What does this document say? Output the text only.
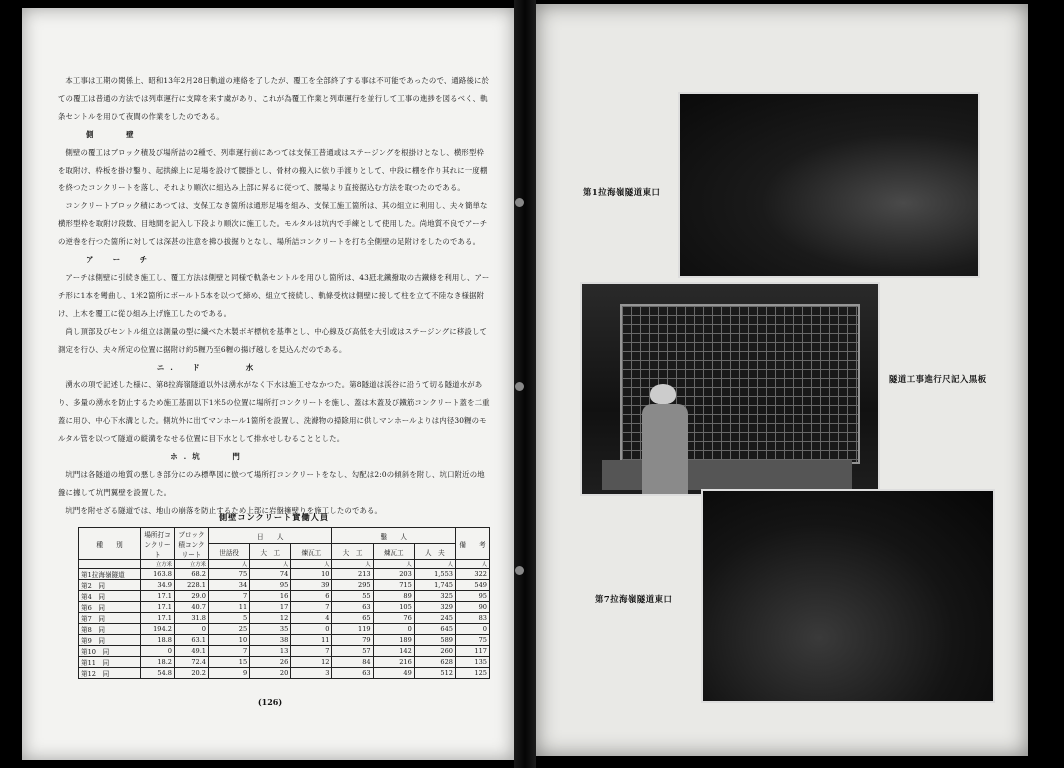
本工事は工期の関係上、昭和13年2月28日軌道の連絡を了したが、覆工を全部終了する事は不可能であったので、通路後に於ての覆工は普通の方法では列車運行に支障を来す虞があり、これが為覆工作業と列車運行を並行して工事の進捗を図るべく、軌条セントルを用ひて夜間の作業をしたのである。

側　　壁

側壁の覆工はブロック積及び場所詰の2種で、列車運行前にあつては支保工普通或はステージングを根掛けとなし、横形型枠を取附け、枠板を掛け鑿り、起拱線上に足場を設けて腰掛とし、骨材の搬入に依り手渡りとして、中段に棚を作り其れに一度棚を終つたコンクリートを落し、それより順次に組込み上部に昇るに従つて、腰場より直接据込む方法を取つたのである。

コンクリートブロック積にあつては、支保工なき箇所は通形足場を組み、支保工施工箇所は、其の組立に利用し、夫々簡単な横形型枠を取附け段数、目地間を記入し下段より順次に施工した。モルタルは坑内で手練として使用した。尚地質不良でアーチの逆巻を行つた箇所に対しては深甚の注意を拂ひ拔掘りとなし、場所詰コンクリートを打ち全側壁の足附けをしたのである。

ア　ー　チ

アーチは側壁に引続き施工し、覆工方法は側壁と同様で軌条セントルを用ひし箇所は、43瓩北鐵撥取の古鐵條を利用し、アーチ形に1本を彎曲し、1米2箇所にボールト5本を以つて締め、組立て接続し、軌條受枕は側壁に接して柱を立て不陸なき様据附け、上木を覆工に從ひ組み上げ施工したのである。

尚し頂部及びセントル組立は測量の型に繊べた木製ボギ標杭を基準とし、中心線及び高低を大引或はステージングに移設して測定を行ひ、夫々所定の位置に据附け約5糎乃至6糎の揚げ越しを見込んだのである。

ニ.　ド　　　水

湧水の項で記述した様に、第8拉海嶺隧道以外は湧水がなく下水は施工せなかつた。第8隧道は渓谷に沿うて切る隧道水があり、多量の湧水を防止するため施工基面以下1米5の位置に場所打コンクリートを施し、蓋は木蓋及び鐵筋コンクリート蓋を二重蓋に用ひ、中心下水溝とした。側坑外に出てマンホール1箇所を設置し、洗滌物の掃除用に供しマンホールよりは内径30糎のモルタル管を以つて隧道の縦溝をなせる位置に目下水として排水せしむることとした。

ホ.坑　　門

坑門は各隧道の地質の悪しき部分にのみ標準図に倣つて場所打コンクリートをなし、勾配は2:0の傾斜を附し、坑口附近の地盤に據して坑門翼壁を設置した。

坑門を附せざる隧道では、地山の崩落を防止するため上部に岩盤擁壁りを施工したのである。

側壁コンクリート實働人員
種　　別	場所打コンクリート	ブロック積コンクリート	日　　人			鑿　　人			備　　考
			世話役	大　工	煉瓦工	大　工	煉瓦工	人　夫	
	立方米	立方米	人	人	人	人	人	人	人
第1拉海嶺隧道	163.8	68.2	75	74	10	213	203	1,553	322
第2　同	34.9	228.1	34	95	39	295	715	1,745	549
第4　同	17.1	29.0	7	16	6	55	89	325	95
第6　同	17.1	40.7	11	17	7	63	105	329	90
第7　同	17.1	31.8	5	12	4	65	76	245	83
第8　同	194.2	0	25	35	0	119	0	645	0
第9　同	18.8	63.1	10	38	11	79	189	589	75
第10　同	0	49.1	7	13	7	57	142	260	117
第11　同	18.2	72.4	15	26	12	84	216	628	135
第12　同	54.8	20.2	9	20	3	63	49	512	125
(126)
第1拉海嶺隧道東口
隧道工事進行尺記入黒板
第7拉海嶺隧道東口
